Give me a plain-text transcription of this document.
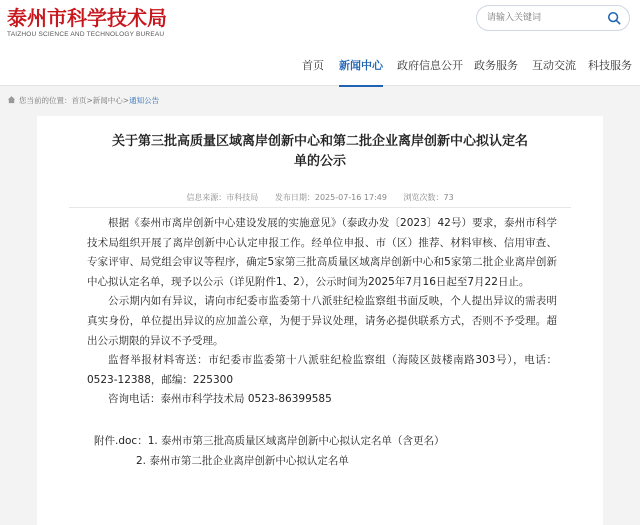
泰州市科学技术局
TAIZHOU SCIENCE AND TECHNOLOGY BUREAU
请输入关键词
首页 新闻中心 政府信息公开 政务服务 互动交流 科技服务
您当前的位置：首页>新闻中心>通知公告
关于第三批高质量区域离岸创新中心和第二批企业离岸创新中心拟认定名单的公示
信息来源：市科技局 发布日期：2025-07-16 17:49 浏览次数：73

根据《泰州市离岸创新中心建设发展的实施意见》（泰政办发〔2023〕42号）要求，泰州市科学技术局组织开展了离岸创新中心认定申报工作。经单位申报、市（区）推荐、材料审核、信用审查、专家评审、局党组会审议等程序，确定5家第三批高质量区域离岸创新中心和5家第二批企业离岸创新中心拟认定名单，现予以公示（详见附件1、2），公示时间为2025年7月16日起至7月22日止。

公示期内如有异议，请向市纪委市监委第十八派驻纪检监察组书面反映，个人提出异议的需表明真实身份，单位提出异议的应加盖公章，为便于异议处理，请务必提供联系方式，否则不予受理。超出公示期限的异议不予受理。

监督举报材料寄送：市纪委市监委第十八派驻纪检监察组（海陵区鼓楼南路303号），电话：0523-12388，邮编：225300

咨询电话：泰州市科学技术局 0523-86399585

附件.doc：1. 泰州市第三批高质量区域离岸创新中心拟认定名单（含更名）
2. 泰州市第二批企业离岸创新中心拟认定名单
